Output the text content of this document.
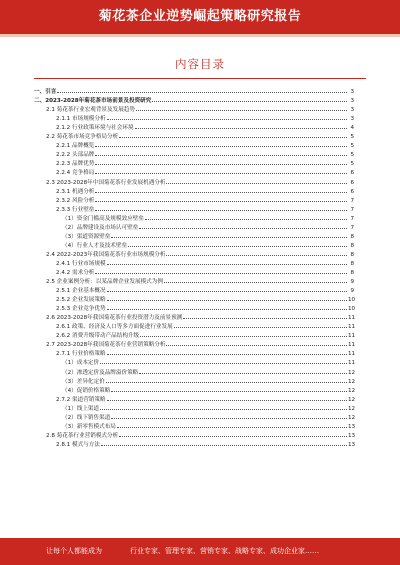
菊花茶企业逆势崛起策略研究报告
内容目录
一、引言	3
二、2023-2028年菊花茶市场前景及投资研究	3
2.1 菊花茶行业宏观背景及发展趋势	3
2.1.1 市场规模分析	3
2.1.2 行业政策环境与社会环境	4
2.2 菊花茶市场竞争格局分析	5
2.2.1 品牌概览	5
2.2.2 头部品牌	5
2.2.3 品牌优势	5
2.2.4 竞争格局	6
2.3 2023-2028年中国菊花茶行业发展机遇分析	6
2.3.1 机遇分析	6
2.3.2 风险分析	7
2.3.3 行业壁垒	7
（1）资金门槛高及规模效应壁垒	7
（2）品牌建设及市场认可壁垒	7
（3）渠道资源壁垒	8
（4）行业人才及技术壁垒	8
2.4 2022-2023年我国菊花茶行业市场规模分析	8
2.4.1 行业市场规模	8
2.4.2 需求分析	8
2.5 企业案例分析：以某品牌企业发展模式为例	9
2.5.1 企业基本概况	9
2.5.2 企业发展策略	10
2.5.3 企业竞争优势	10
2.6 2023-2028年我国菊花茶行业投资潜力及前景预测	11
2.6.1 政策、经济及人口等多方面促进行业发展	11
2.6.2 消费升级带动产品结构升级	11
2.7 2023-2028年我国菊花茶行业营销策略分析	11
2.7.1 行业价格策略	11
（1）成本定价	11
（2）渗透定价及品牌溢价策略	12
（3）差异化定价	12
（4）促销价格策略	12
2.7.2 渠道营销策略	12
（1）线上渠道	12
（2）线下销售渠道	12
（3）新零售模式布局	13
2.8 菊花茶行业营销模式分析	13
2.8.1 模式与方法	13
让每个人都能成为	行业专家、管理专家、营销专家、战略专家、成功企业家……
